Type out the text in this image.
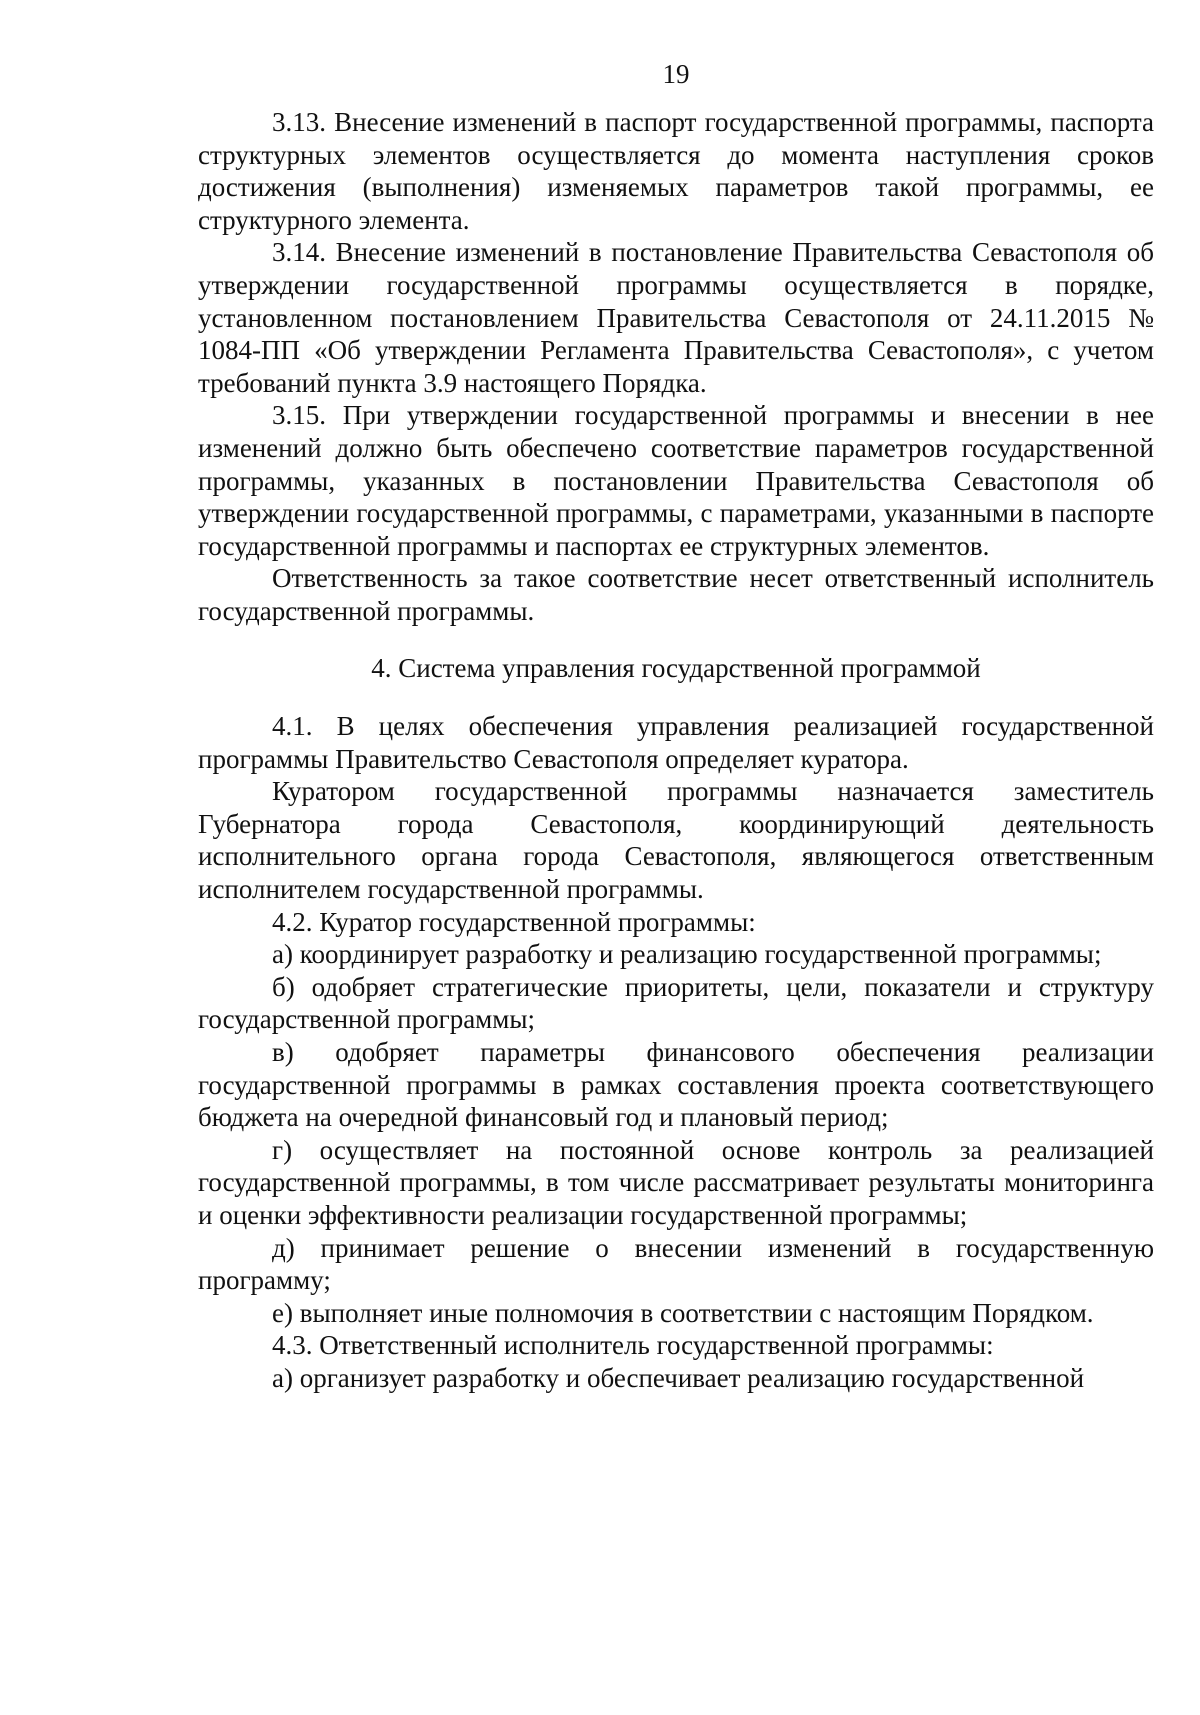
19

3.13. Внесение изменений в паспорт государственной программы, паспорта структурных элементов осуществляется до момента наступления сроков достижения (выполнения) изменяемых параметров такой программы, ее структурного элемента.

3.14. Внесение изменений в постановление Правительства Севастополя об утверждении государственной программы осуществляется в порядке, установленном постановлением Правительства Севастополя от 24.11.2015 № 1084-ПП «Об утверждении Регламента Правительства Севастополя», с учетом требований пункта 3.9 настоящего Порядка.

3.15. При утверждении государственной программы и внесении в нее изменений должно быть обеспечено соответствие параметров государственной программы, указанных в постановлении Правительства Севастополя об утверждении государственной программы, с параметрами, указанными в паспорте государственной программы и паспортах ее структурных элементов.

Ответственность за такое соответствие несет ответственный исполнитель государственной программы.

4. Система управления государственной программой

4.1. В целях обеспечения управления реализацией государственной программы Правительство Севастополя определяет куратора.

Куратором государственной программы назначается заместитель Губернатора города Севастополя, координирующий деятельность исполнительного органа города Севастополя, являющегося ответственным исполнителем государственной программы.

4.2. Куратор государственной программы:

а) координирует разработку и реализацию государственной программы;

б) одобряет стратегические приоритеты, цели, показатели и структуру государственной программы;

в) одобряет параметры финансового обеспечения реализации государственной программы в рамках составления проекта соответствующего бюджета на очередной финансовый год и плановый период;

г) осуществляет на постоянной основе контроль за реализацией государственной программы, в том числе рассматривает результаты мониторинга и оценки эффективности реализации государственной программы;

д) принимает решение о внесении изменений в государственную программу;

е) выполняет иные полномочия в соответствии с настоящим Порядком.

4.3. Ответственный исполнитель государственной программы:

а) организует разработку и обеспечивает реализацию государственной
